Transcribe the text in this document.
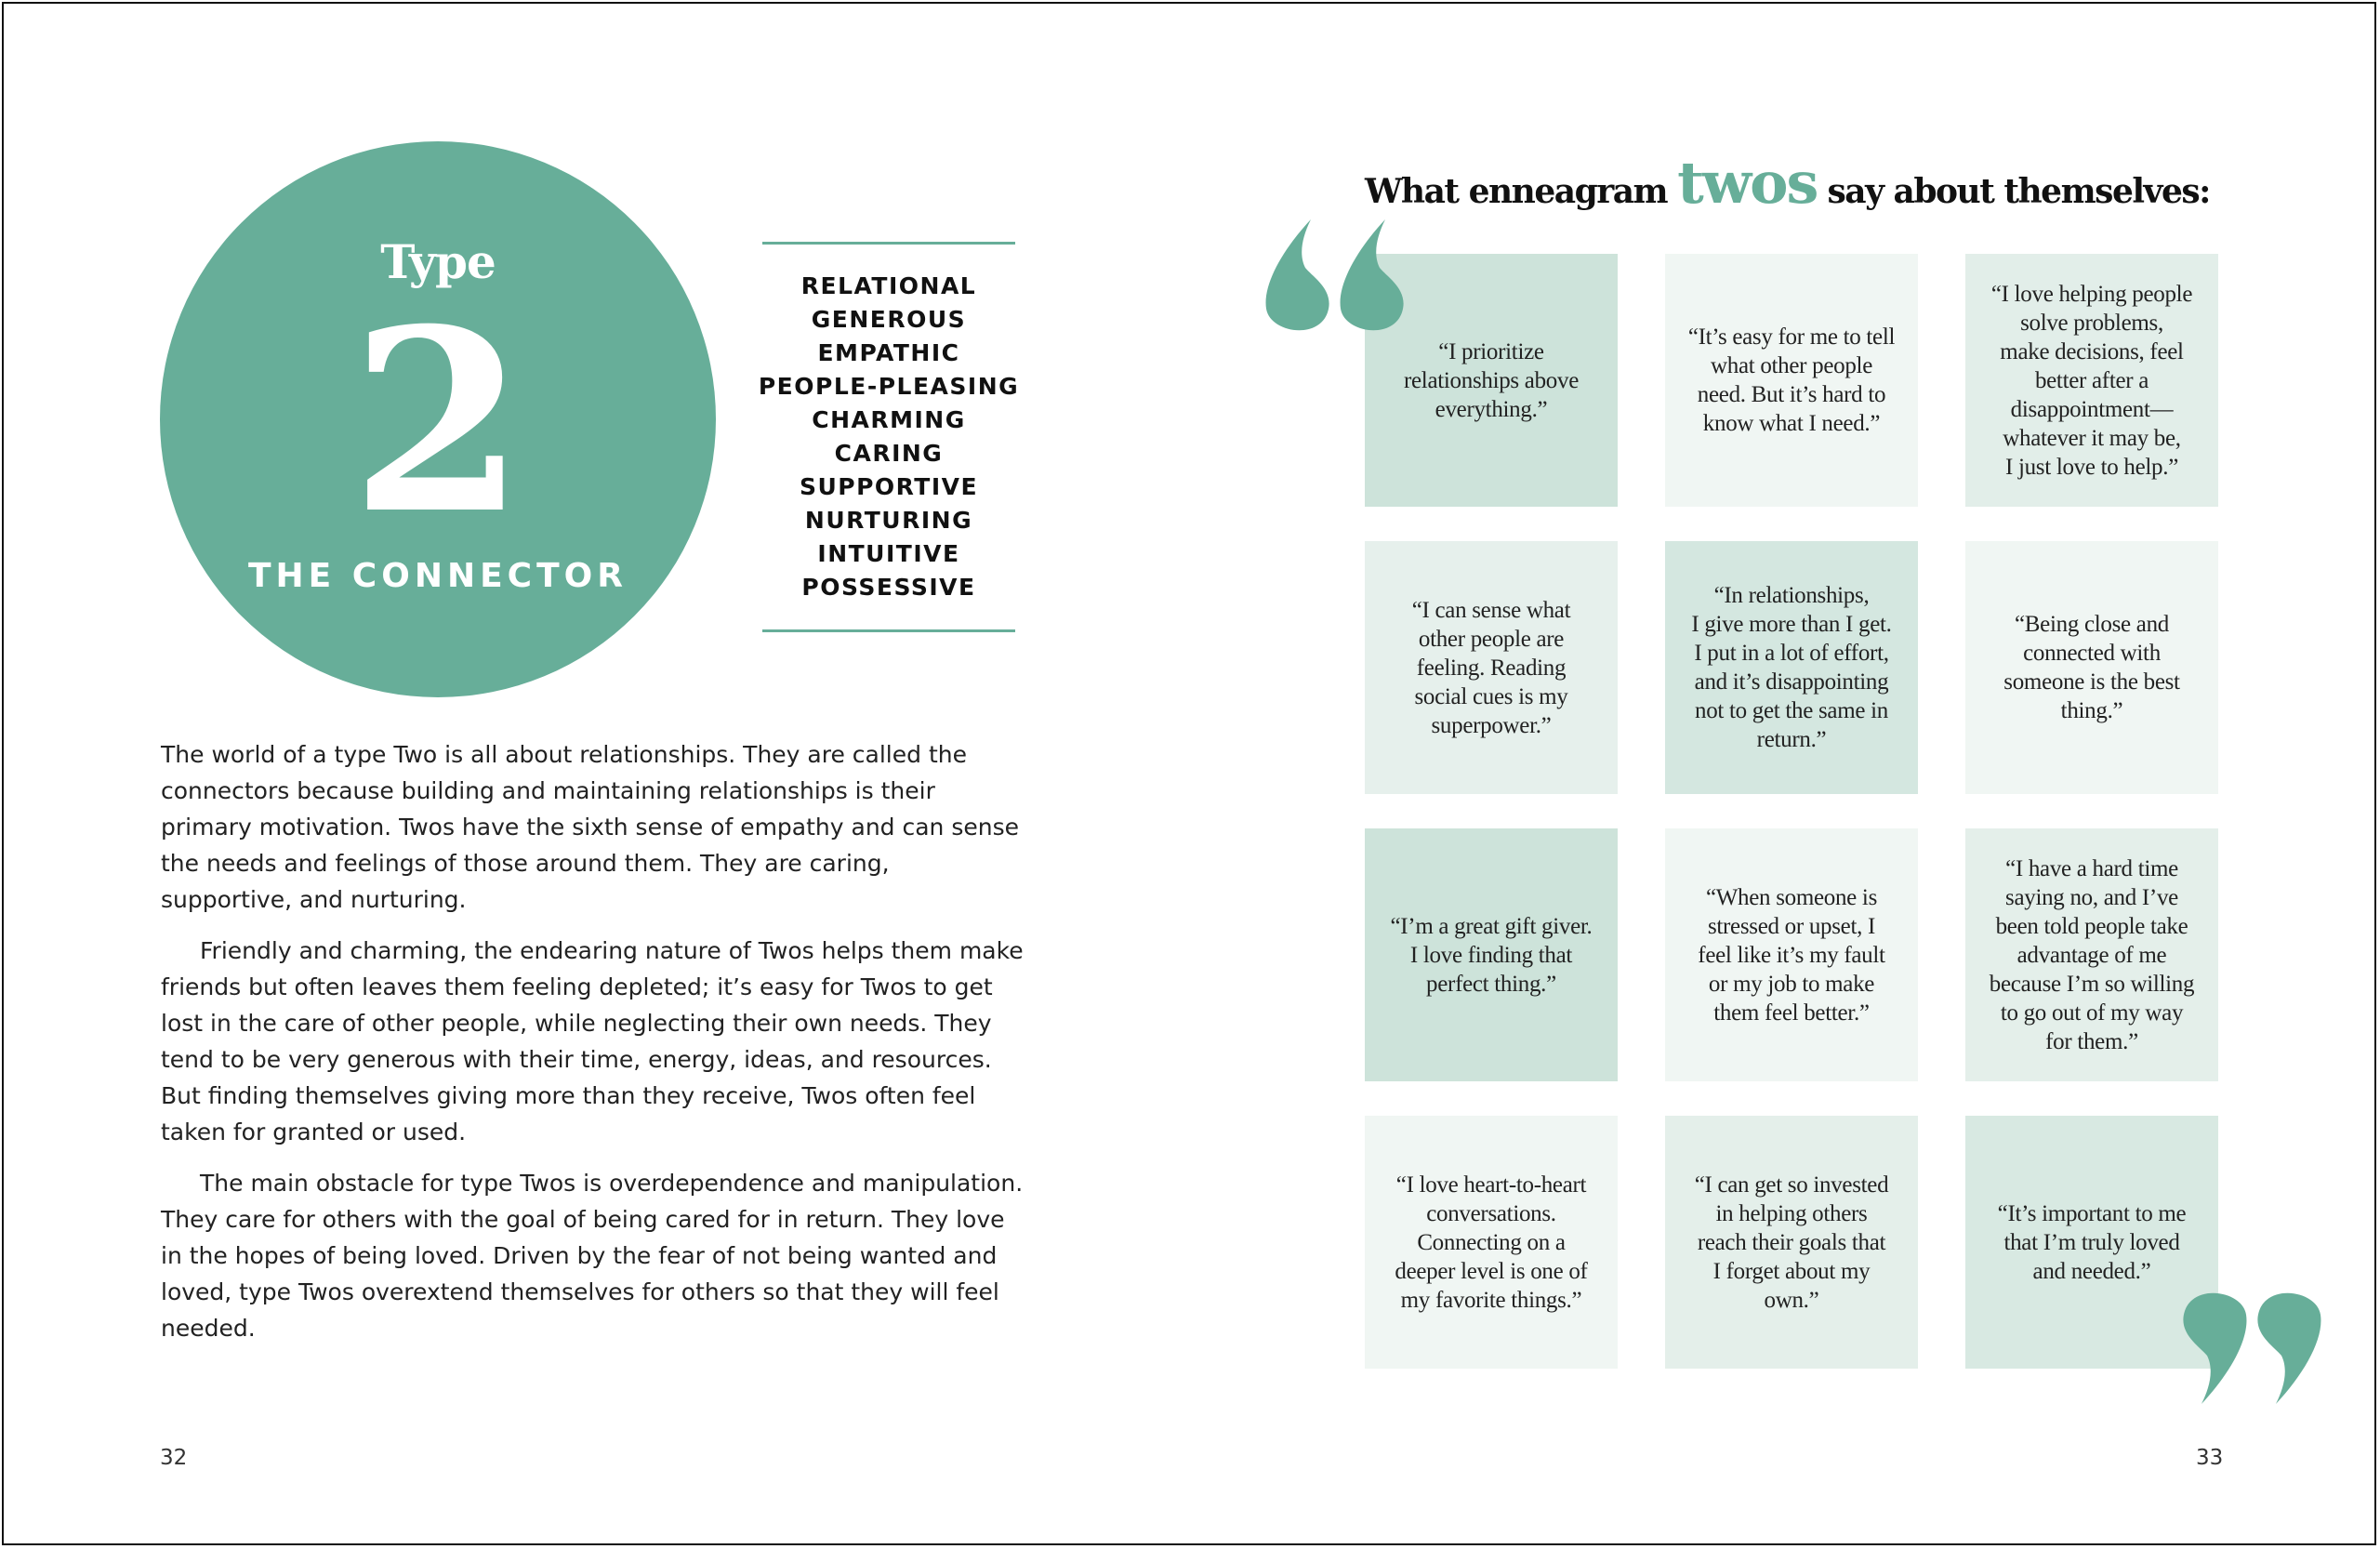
Type
2
THE CONNECTOR
RELATIONAL
GENEROUS
EMPATHIC
PEOPLE-PLEASING
CHARMING
CARING
SUPPORTIVE
NURTURING
INTUITIVE
POSSESSIVE

The world of a type Two is all about relationships. They are called the connectors because building and maintaining relationships is their primary motivation. Twos have the sixth sense of empathy and can sense the needs and feelings of those around them. They are caring, supportive, and nurturing.

Friendly and charming, the endearing nature of Twos helps them make friends but often leaves them feeling depleted; it’s easy for Twos to get lost in the care of other people, while neglecting their own needs. They tend to be very generous with their time, energy, ideas, and resources. But finding themselves giving more than they receive, Twos often feel taken for granted or used.

The main obstacle for type Twos is overdependence and manipulation. They care for others with the goal of being cared for in return. They love in the hopes of being loved. Driven by the fear of not being wanted and loved, type Twos overextend themselves for others so that they will feel needed.

32
What enneagram twos say about themselves:
“I prioritize
relationships above
everything.”
“It’s easy for me to tell
what other people
need. But it’s hard to
know what I need.”
“I love helping people
solve problems,
make decisions, feel
better after a
disappointment—
whatever it may be,
I just love to help.”
“I can sense what
other people are
feeling. Reading
social cues is my
superpower.”
“In relationships,
I give more than I get.
I put in a lot of effort,
and it’s disappointing
not to get the same in
return.”
“Being close and
connected with
someone is the best
thing.”
“I’m a great gift giver.
I love finding that
perfect thing.”
“When someone is
stressed or upset, I
feel like it’s my fault
or my job to make
them feel better.”
“I have a hard time
saying no, and I’ve
been told people take
advantage of me
because I’m so willing
to go out of my way
for them.”
“I love heart-to-heart
conversations.
Connecting on a
deeper level is one of
my favorite things.”
“I can get so invested
in helping others
reach their goals that
I forget about my
own.”
“It’s important to me
that I’m truly loved
and needed.”
33
